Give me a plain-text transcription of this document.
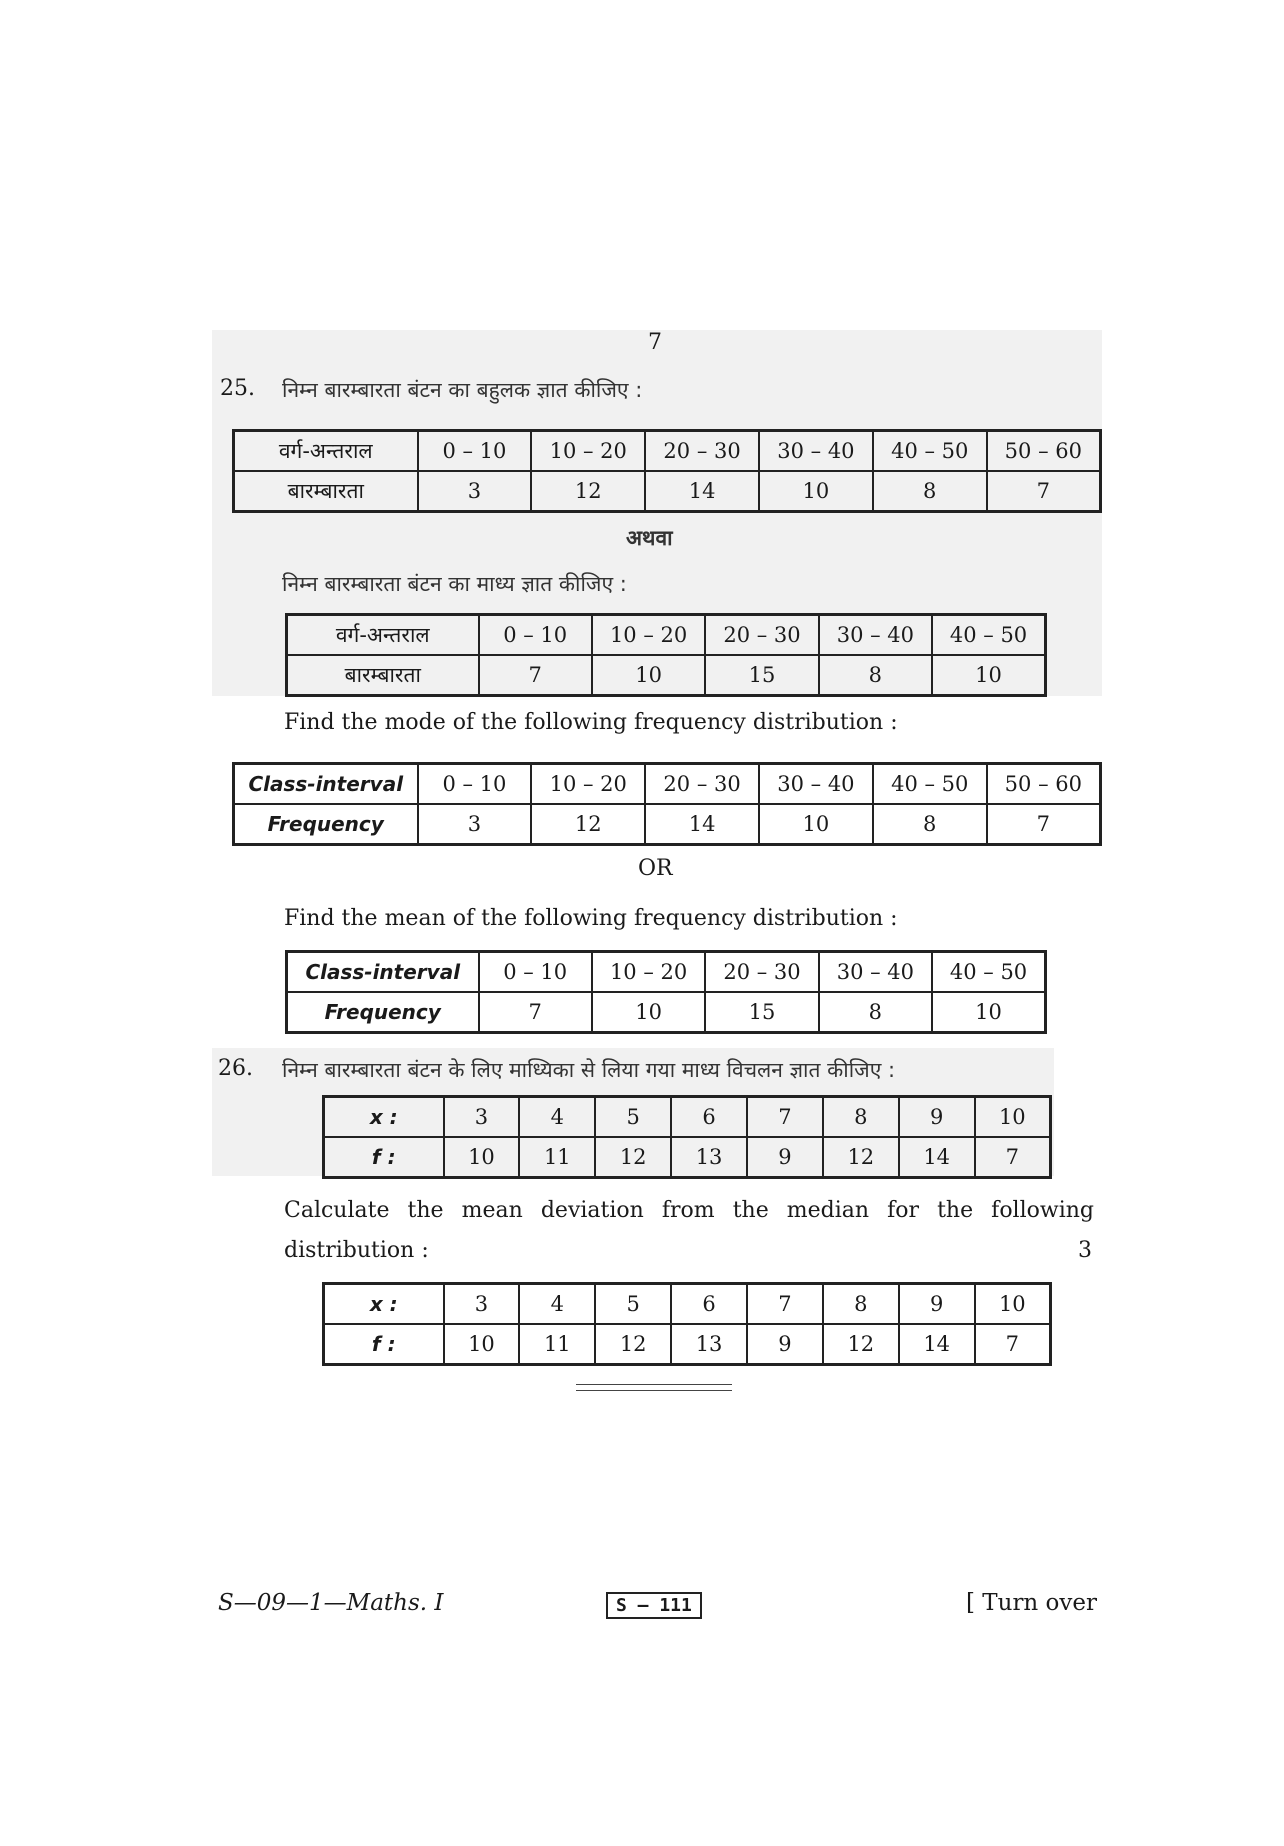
7
25. निम्न बारम्बारता बंटन का बहुलक ज्ञात कीजिए :
वर्ग-अन्तराल	0 – 10	10 – 20	20 – 30	30 – 40	40 – 50	50 – 60
बारम्बारता	3	12	14	10	8	7
अथवा
निम्न बारम्बारता बंटन का माध्य ज्ञात कीजिए :
वर्ग-अन्तराल	0 – 10	10 – 20	20 – 30	30 – 40	40 – 50
बारम्बारता	7	10	15	8	10
Find the mode of the following frequency distribution :
Class-interval	0 – 10	10 – 20	20 – 30	30 – 40	40 – 50	50 – 60
Frequency	3	12	14	10	8	7
OR
Find the mean of the following frequency distribution :
Class-interval	0 – 10	10 – 20	20 – 30	30 – 40	40 – 50
Frequency	7	10	15	8	10
26. निम्न बारम्बारता बंटन के लिए माध्यिका से लिया गया माध्य विचलन ज्ञात कीजिए :
x :	3	4	5	6	7	8	9	10
f :	10	11	12	13	9	12	14	7
Calculate the mean deviation from the median for the following
distribution :	3
x :	3	4	5	6	7	8	9	10
f :	10	11	12	13	9	12	14	7
S—09—1—Maths. I	S – 111	[ Turn over
